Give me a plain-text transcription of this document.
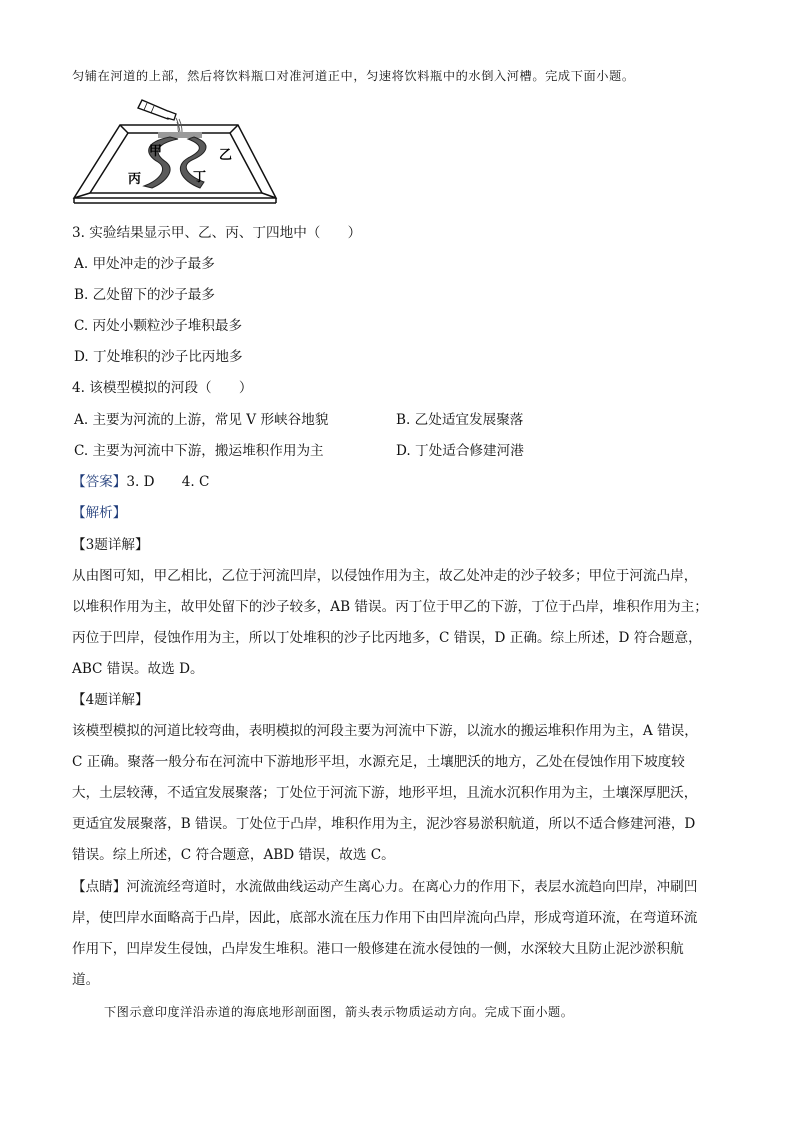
匀铺在河道的上部，然后将饮料瓶口对准河道正中，匀速将饮料瓶中的水倒入河槽。完成下面小题。
甲	乙
丙	丁
3. 实验结果显示甲、乙、丙、丁四地中（　　）
A. 甲处冲走的沙子最多
B. 乙处留下的沙子最多
C. 丙处小颗粒沙子堆积最多
D. 丁处堆积的沙子比丙地多
4. 该模型模拟的河段（　　）
A. 主要为河流的上游，常见 V 形峡谷地貌	B. 乙处适宜发展聚落
C. 主要为河流中下游，搬运堆积作用为主	D. 丁处适合修建河港
【答案】3. D　　4. C
【解析】
【3题详解】
从由图可知，甲乙相比，乙位于河流凹岸，以侵蚀作用为主，故乙处冲走的沙子较多；甲位于河流凸岸，
以堆积作用为主，故甲处留下的沙子较多，AB 错误。丙丁位于甲乙的下游，丁位于凸岸，堆积作用为主；
丙位于凹岸，侵蚀作用为主，所以丁处堆积的沙子比丙地多，C 错误，D 正确。综上所述，D 符合题意，
ABC 错误。故选 D。
【4题详解】
该模型模拟的河道比较弯曲，表明模拟的河段主要为河流中下游，以流水的搬运堆积作用为主，A 错误，
C 正确。聚落一般分布在河流中下游地形平坦，水源充足，土壤肥沃的地方，乙处在侵蚀作用下坡度较
大，土层较薄，不适宜发展聚落；丁处位于河流下游，地形平坦，且流水沉积作用为主，土壤深厚肥沃，
更适宜发展聚落，B 错误。丁处位于凸岸，堆积作用为主，泥沙容易淤积航道，所以不适合修建河港，D
错误。综上所述，C 符合题意，ABD 错误，故选 C。
【点睛】河流流经弯道时，水流做曲线运动产生离心力。在离心力的作用下，表层水流趋向凹岸，冲刷凹
岸，使凹岸水面略高于凸岸，因此，底部水流在压力作用下由凹岸流向凸岸，形成弯道环流，在弯道环流
作用下，凹岸发生侵蚀，凸岸发生堆积。港口一般修建在流水侵蚀的一侧，水深较大且防止泥沙淤积航
道。
下图示意印度洋沿赤道的海底地形剖面图，箭头表示物质运动方向。完成下面小题。
